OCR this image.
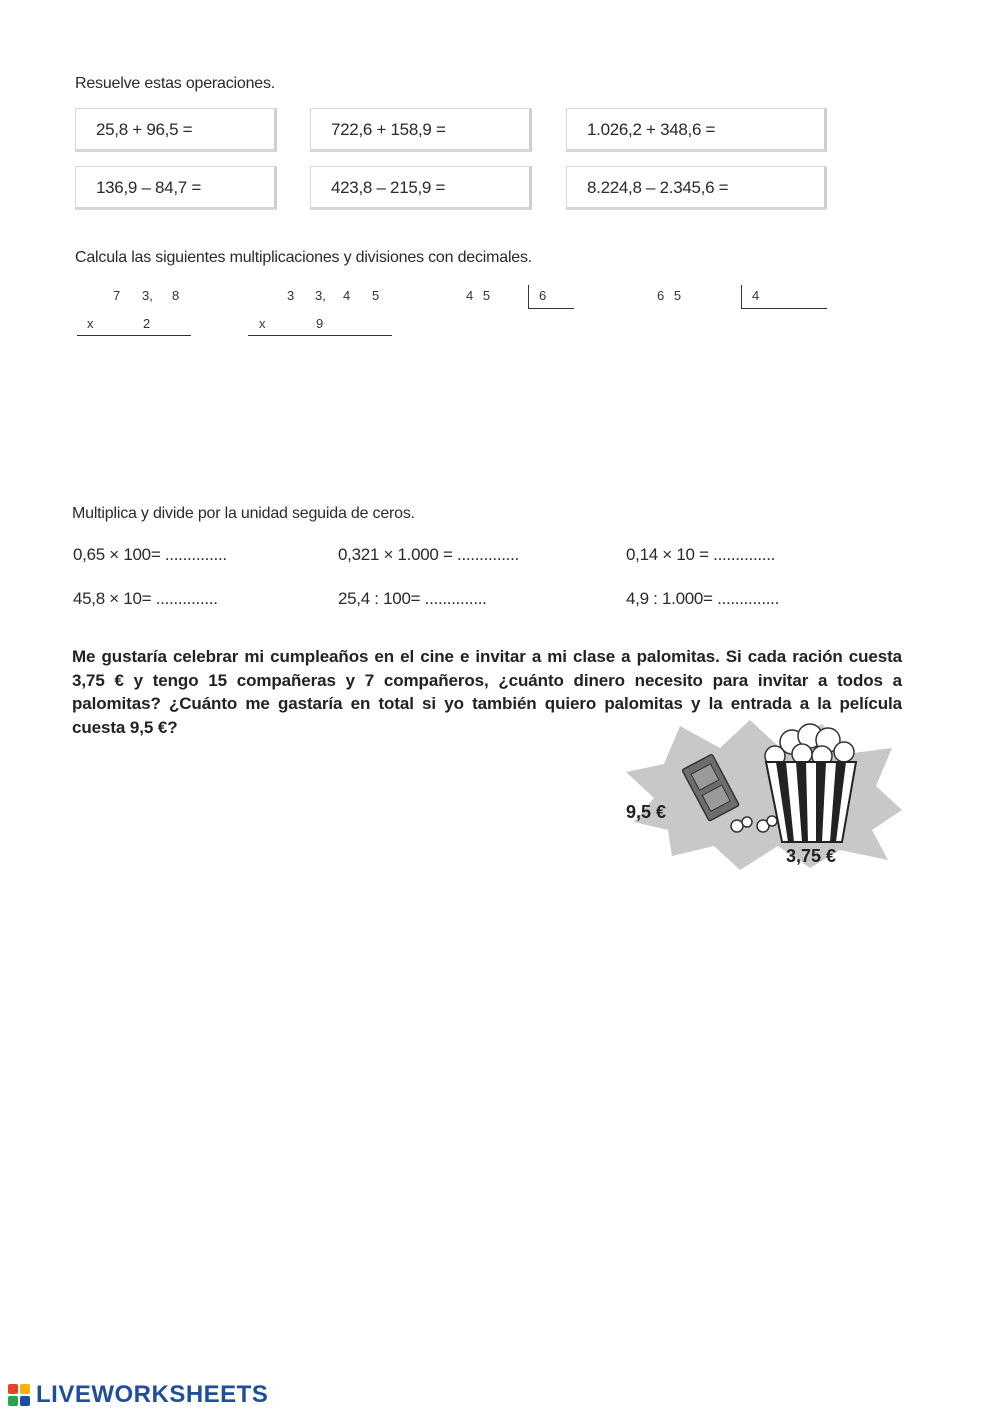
Resuelve estas operaciones.
25,8 + 96,5 =	722,6 + 158,9 =	1.026,2 + 348,6 =
136,9 – 84,7 =	423,8 – 215,9 =	8.224,8 – 2.345,6 =
Calcula las siguientes multiplicaciones y divisiones con decimales.
7 3, 8
x	2
3 3, 4 5
x	9
4 5	6	6 5	4
Multiplica y divide por la unidad seguida de ceros.
0,65 × 100= ..............	0,321 × 1.000 = ..............	0,14 × 10 = ..............
45,8 × 10= ..............	25,4 : 100= ..............	4,9 : 1.000= ..............
Me gustaría celebrar mi cumpleaños en el cine e invitar a mi clase a palomitas. Si cada ración cuesta 3,75 € y tengo 15 compañeras y 7 compañeros, ¿cuánto dinero necesito para invitar a todos a palomitas? ¿Cuánto me gastaría en total si yo también quiero palomitas y la entrada a la película cuesta 9,5 €?
9,5 €
3,75 €
LIVEWORKSHEETS
